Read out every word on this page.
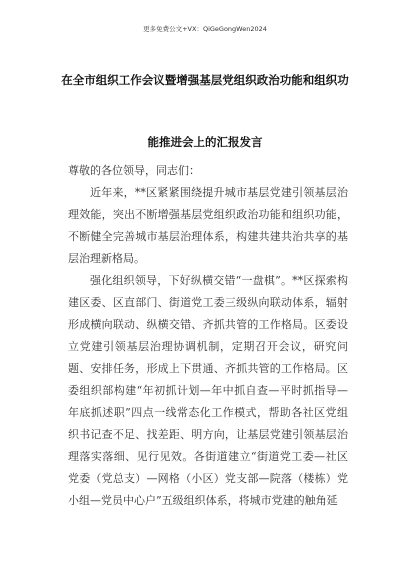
更多免费公文+VX：QiGeGongWen2024
在全市组织工作会议暨增强基层党组织政治功能和组织功
能推进会上的汇报发言

尊敬的各位领导，同志们：

近年来，**区紧紧围绕提升城市基层党建引领基层治理效能，突出不断增强基层党组织政治功能和组织功能，不断健全完善城市基层治理体系，构建共建共治共享的基层治理新格局。

强化组织领导，下好纵横交错“一盘棋”。**区探索构建区委、区直部门、街道党工委三级纵向联动体系，辐射形成横向联动、纵横交错、齐抓共管的工作格局。区委设立党建引领基层治理协调机制，定期召开会议，研究问题、安排任务，形成上下贯通、齐抓共管的工作格局。区委组织部构建“年初抓计划—年中抓自查—平时抓指导—年底抓述职”四点一线常态化工作模式，帮助各社区党组织书记查不足、找差距、明方向，让基层党建引领基层治理落实落细、见行见效。各街道建立“街道党工委—社区党委（党总支）—网格（小区）党支部—院落（楼栋）党小组—党员中心户”五级组织体系，将城市党建的触角延
